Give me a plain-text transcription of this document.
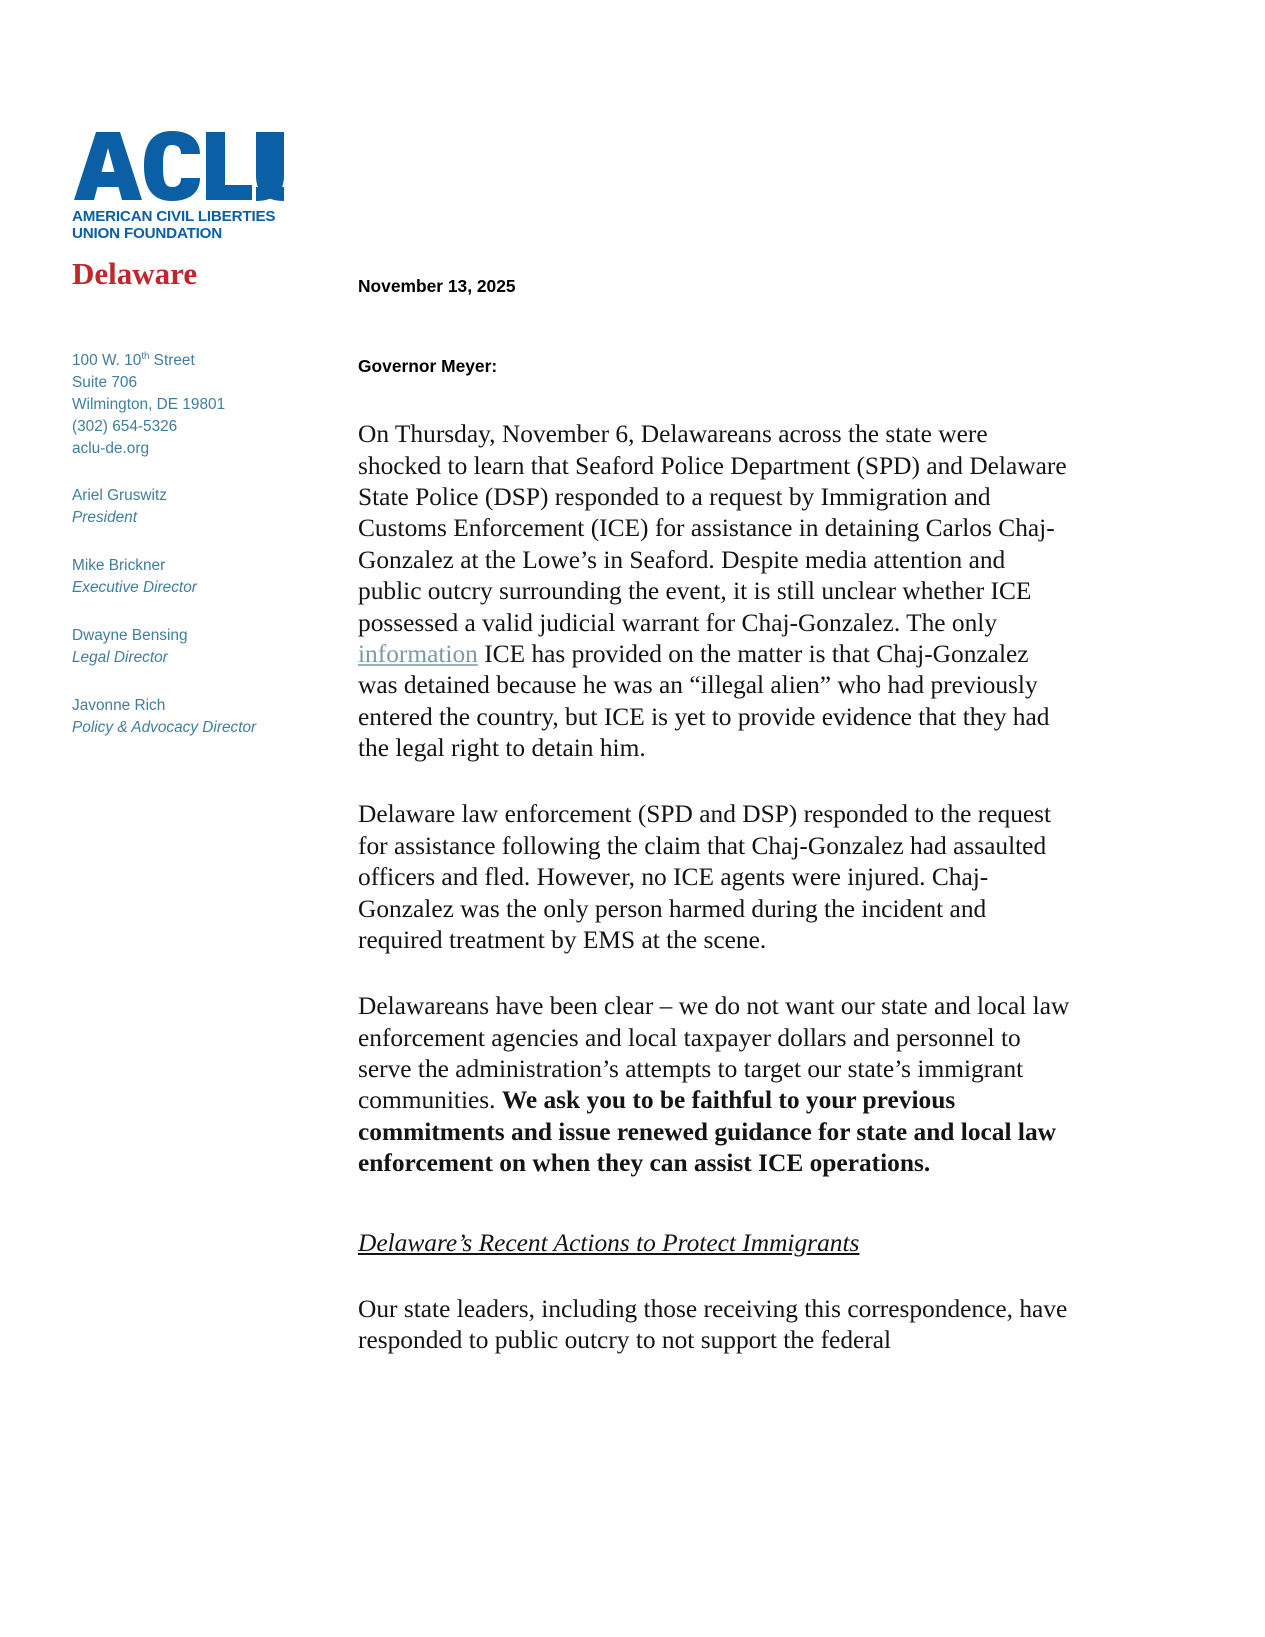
AMERICAN CIVIL LIBERTIES UNION FOUNDATION
Delaware
100 W. 10th Street
Suite 706
Wilmington, DE 19801
(302) 654-5326
aclu-de.org
Ariel Gruswitz
President
Mike Brickner
Executive Director
Dwayne Bensing
Legal Director
Javonne Rich
Policy & Advocacy Director
November 13, 2025
Governor Meyer:

On Thursday, November 6, Delawareans across the state were shocked to learn that Seaford Police Department (SPD) and Delaware State Police (DSP) responded to a request by Immigration and Customs Enforcement (ICE) for assistance in detaining Carlos Chaj-Gonzalez at the Lowe’s in Seaford. Despite media attention and public outcry surrounding the event, it is still unclear whether ICE possessed a valid judicial warrant for Chaj-Gonzalez. The only information ICE has provided on the matter is that Chaj-Gonzalez was detained because he was an “illegal alien” who had previously entered the country, but ICE is yet to provide evidence that they had the legal right to detain him.

Delaware law enforcement (SPD and DSP) responded to the request for assistance following the claim that Chaj-Gonzalez had assaulted officers and fled. However, no ICE agents were injured. Chaj-Gonzalez was the only person harmed during the incident and required treatment by EMS at the scene.

Delawareans have been clear – we do not want our state and local law enforcement agencies and local taxpayer dollars and personnel to serve the administration’s attempts to target our state’s immigrant communities. We ask you to be faithful to your previous commitments and issue renewed guidance for state and local law enforcement on when they can assist ICE operations.

Delaware’s Recent Actions to Protect Immigrants

Our state leaders, including those receiving this correspondence, have responded to public outcry to not support the federal
